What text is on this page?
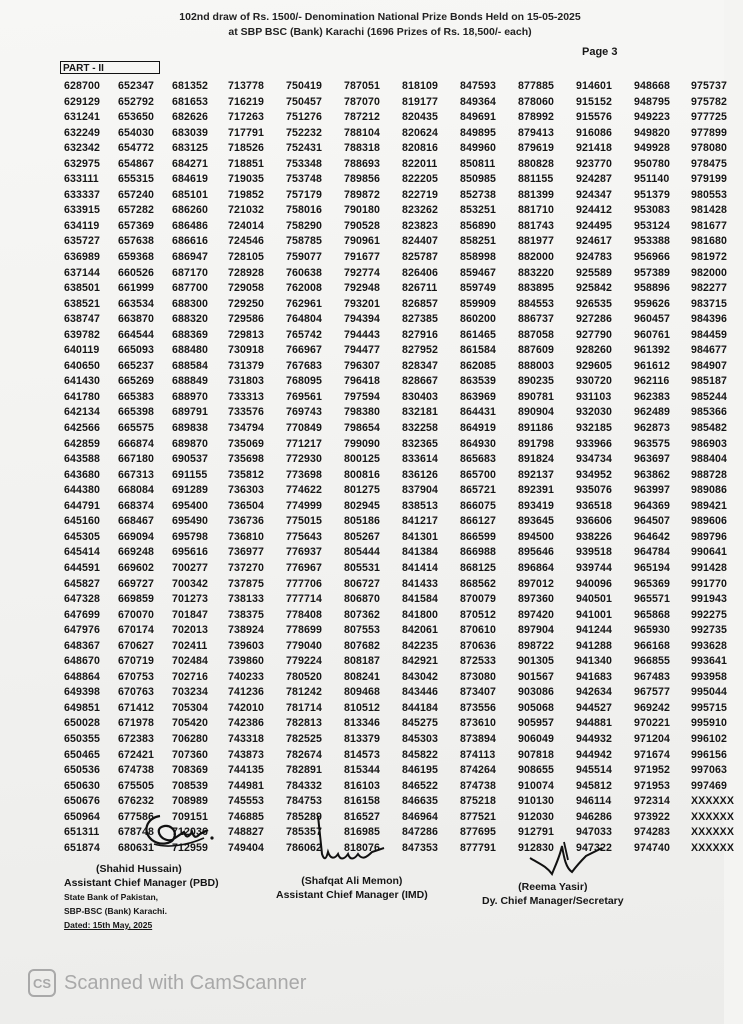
102nd draw of Rs. 1500/- Denomination National Prize Bonds Held on 15-05-2025
at SBP BSC (Bank) Karachi (1696 Prizes of Rs. 18,500/- each)
Page 3
PART - II
628700
629129
631241
632249
632342
632975
633111
633337
633915
634119
635727
636989
637144
638501
638521
638747
639782
640119
640650
641430
641780
642134
642566
642859
643588
643680
644380
644791
645160
645305
645414
644591
645827
647328
647699
647976
648367
648670
648864
649398
649851
650028
650355
650465
650536
650630
650676
650964
651311
651874
652347
652792
653650
654030
654772
654867
655315
657240
657282
657369
657638
659368
660526
661999
663534
663870
664544
665093
665237
665269
665383
665398
665575
666874
667180
667313
668084
668374
668467
669094
669248
669602
669727
669859
670070
670174
670627
670719
670753
670763
671412
671978
672383
672421
674738
675505
676232
677586
678748
680631
681352
681653
682626
683039
683125
684271
684619
685101
686260
686486
686616
686947
687170
687700
688300
688320
688369
688480
688584
688849
688970
689791
689838
689870
690537
691155
691289
695400
695490
695798
695616
700277
700342
701273
701847
702013
702411
702484
702716
703234
705304
705420
706280
707360
708369
708539
708989
709151
712036
712959
713778
716219
717263
717791
718526
718851
719035
719852
721032
724014
724546
728105
728928
729058
729250
729586
729813
730918
731379
731803
733313
733576
734794
735069
735698
735812
736303
736504
736736
736810
736977
737270
737875
738133
738375
738924
739603
739860
740233
741236
742010
742386
743318
743873
744135
744981
745553
746885
748827
749404
750419
750457
751276
752232
752431
753348
753748
757179
758016
758290
758785
759077
760638
762008
762961
764804
765742
766967
767683
768095
769561
769743
770849
771217
772930
773698
774622
774999
775015
775643
776937
776967
777706
777714
778408
778699
779040
779224
780520
781242
781714
782813
782525
782674
782891
784332
784753
785289
785357
786062
787051
787070
787212
788104
788318
788693
789856
789872
790180
790528
790961
791677
792774
792948
793201
794394
794443
794477
796307
796418
797594
798380
798654
799090
800125
800816
801275
802945
805186
805267
805444
805531
806727
806870
807362
807553
807682
808187
808241
809468
810512
813346
813379
814573
815344
816103
816158
816527
816985
818076
818109
819177
820435
820624
820816
822011
822205
822719
823262
823823
824407
825787
826406
826711
826857
827385
827916
827952
828347
828667
830403
832181
832258
832365
833614
836126
837904
838513
841217
841301
841384
841414
841433
841584
841800
842061
842235
842921
843042
843446
844184
845275
845303
845822
846195
846522
846635
846964
847286
847353
847593
849364
849691
849895
849960
850811
850985
852738
853251
856890
858251
858998
859467
859749
859909
860200
861465
861584
862085
863539
863969
864431
864919
864930
865683
865700
865721
866075
866127
866599
866988
868125
868562
870079
870512
870610
870636
872533
873080
873407
873556
873610
873894
874113
874264
874738
875218
877521
877695
877791
877885
878060
878992
879413
879619
880828
881155
881399
881710
881743
881977
882000
883220
883895
884553
886737
887058
887609
888003
890235
890781
890904
891186
891798
891824
892137
892391
893419
893645
894500
895646
896864
897012
897360
897420
897904
898722
901305
901567
903086
905068
905957
906049
907818
908655
910074
910130
912030
912791
912830
914601
915152
915576
916086
921418
923770
924287
924347
924412
924495
924617
924783
925589
925842
926535
927286
927790
928260
929605
930720
931103
932030
932185
933966
934734
934952
935076
936518
936606
938226
939518
939744
940096
940501
941001
941244
941288
941340
941683
942634
944527
944881
944932
944942
945514
945812
946114
946286
947033
947322
948668
948795
949223
949820
949928
950780
951140
951379
953083
953124
953388
956966
957389
958896
959626
960457
960761
961392
961612
962116
962383
962489
962873
963575
963697
963862
963997
964369
964507
964642
964784
965194
965369
965571
965868
965930
966168
966855
967483
967577
969242
970221
971204
971674
971952
971953
972314
973922
974283
974740
975737
975782
977725
977899
978080
978475
979199
980553
981428
981677
981680
981972
982000
982277
983715
984396
984459
984677
984907
985187
985244
985366
985482
986903
988404
988728
989086
989421
989606
989796
990641
991428
991770
991943
992275
992735
993628
993641
993958
995044
995715
995910
996102
996156
997063
997469
XXXXXX
XXXXXX
XXXXXX
XXXXXX
(Shahid Hussain)
Assistant Chief Manager (PBD)
State Bank of Pakistan,
SBP-BSC (Bank) Karachi.
Dated: 15th May, 2025
(Shafqat Ali Memon)
Assistant Chief Manager (IMD)
(Reema Yasir)
Dy. Chief Manager/Secretary
CS Scanned with CamScanner
